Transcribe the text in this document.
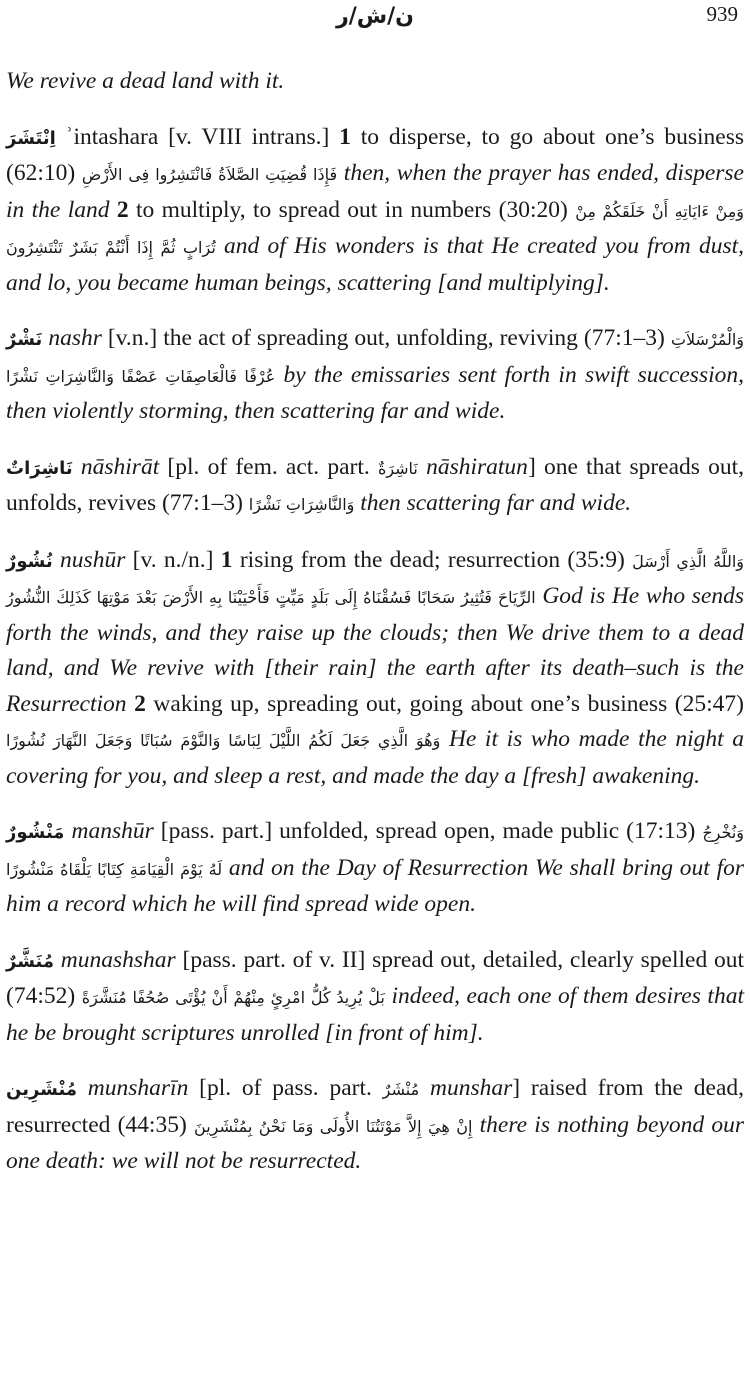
ن/ش/ر	939

We revive a dead land with it.

اِنْتَشَرَ ʾintashara [v. VIII intrans.] 1 to disperse, to go about one’s business (62:10) فَإِذَا قُضِيَتِ الصَّلاَةُ فَانْتَشِرُوا فِى الأَرْضِ then, when the prayer has ended, disperse in the land 2 to multiply, to spread out in numbers (30:20) وَمِنْ ءَايَاتِهِ أَنْ خَلَقَكُمْ مِنْ تُرَابٍ ثُمَّ إِذَا أَنْتُمْ بَشَرٌ تَنْتَشِرُونَ and of His wonders is that He created you from dust, and lo, you became human beings, scattering [and multiplying].

نَشْرٌ nashr [v.n.] the act of spreading out, unfolding, reviving (77:1–3) وَالْمُرْسَلاَتِ عُرْفًا فَالْعَاصِفَاتِ عَصْفًا وَالنَّاشِرَاتِ نَشْرًا by the emissaries sent forth in swift succession, then violently storming, then scattering far and wide.

نَاشِرَاتٌ nāshirāt [pl. of fem. act. part. نَاشِرَةٌ nāshiratun] one that spreads out, unfolds, revives (77:1–3) وَالنَّاشِرَاتِ نَشْرًا then scattering far and wide.

نُشُورٌ nushūr [v. n./n.] 1 rising from the dead; resurrection (35:9) وَاللَّهُ الَّذِي أَرْسَلَ الرِّيَاحَ فَتُثِيرُ سَحَابًا فَسُقْنَاهُ إِلَى بَلَدٍ مَيِّتٍ فَأَحْيَيْنَا بِهِ الأَرْضَ بَعْدَ مَوْتِهَا كَذَلِكَ النُّشُورُ God is He who sends forth the winds, and they raise up the clouds; then We drive them to a dead land, and We revive with [their rain] the earth after its death–such is the Resurrection 2 waking up, spreading out, going about one’s business (25:47) وَهُوَ الَّذِي جَعَلَ لَكُمُ اللَّيْلَ لِبَاسًا وَالنَّوْمَ سُبَاتًا وَجَعَلَ النَّهَارَ نُشُورًا He it is who made the night a covering for you, and sleep a rest, and made the day a [fresh] awakening.

مَنْشُورٌ manshūr [pass. part.] unfolded, spread open, made public (17:13) وَنُخْرِجُ لَهُ يَوْمَ الْقِيَامَةِ كِتَابًا يَلْقَاهُ مَنْشُورًا and on the Day of Resurrection We shall bring out for him a record which he will find spread wide open.

مُنَشَّرٌ munashshar [pass. part. of v. II] spread out, detailed, clearly spelled out (74:52) بَلْ يُرِيدُ كُلُّ امْرِئٍ مِنْهُمْ أَنْ يُؤْتَى صُحُفًا مُنَشَّرَةً indeed, each one of them desires that he be brought scriptures unrolled [in front of him].

مُنْشَرِين munsharīn [pl. of pass. part. مُنْشَرٌ munshar] raised from the dead, resurrected (44:35) إِنْ هِيَ إِلاَّ مَوْتَتُنَا الأُولَى وَمَا نَحْنُ بِمُنْشَرِينَ there is nothing beyond our one death: we will not be resurrected.
